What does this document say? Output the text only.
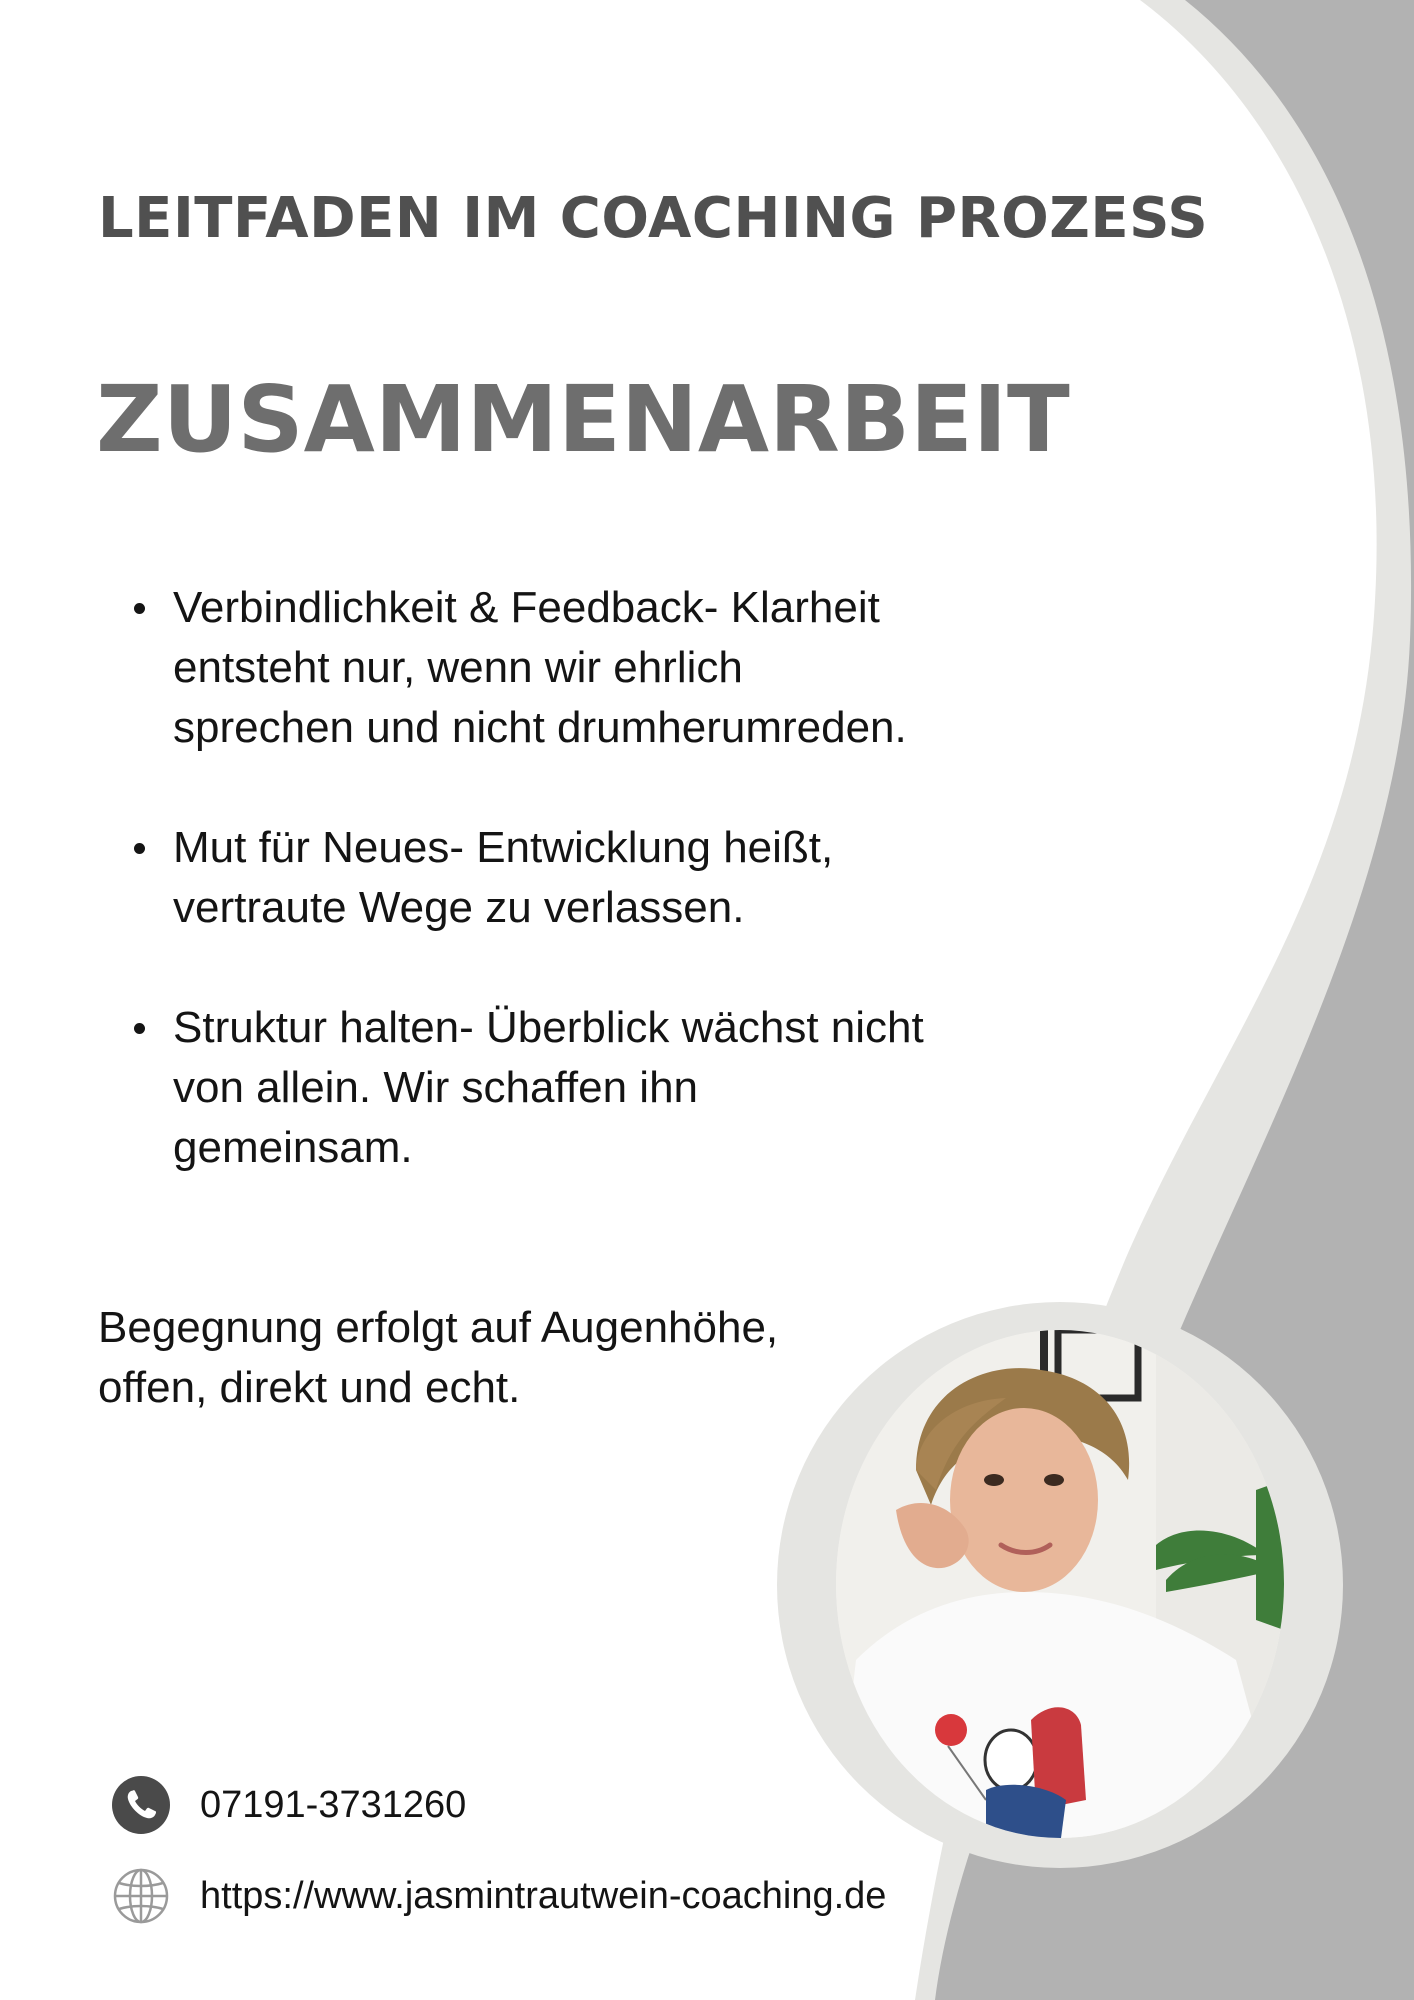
LEITFADEN IM COACHING PROZESS
ZUSAMMENARBEIT
Verbindlichkeit & Feedback- Klarheit
entsteht nur, wenn wir ehrlich
sprechen und nicht drumherumreden.
Mut für Neues- Entwicklung heißt,
vertraute Wege zu verlassen.
Struktur halten- Überblick wächst nicht
von allein. Wir schaffen ihn
gemeinsam.

Begegnung erfolgt auf Augenhöhe,
offen, direkt und echt.

07191-3731260
https://www.jasmintrautwein-coaching.de
